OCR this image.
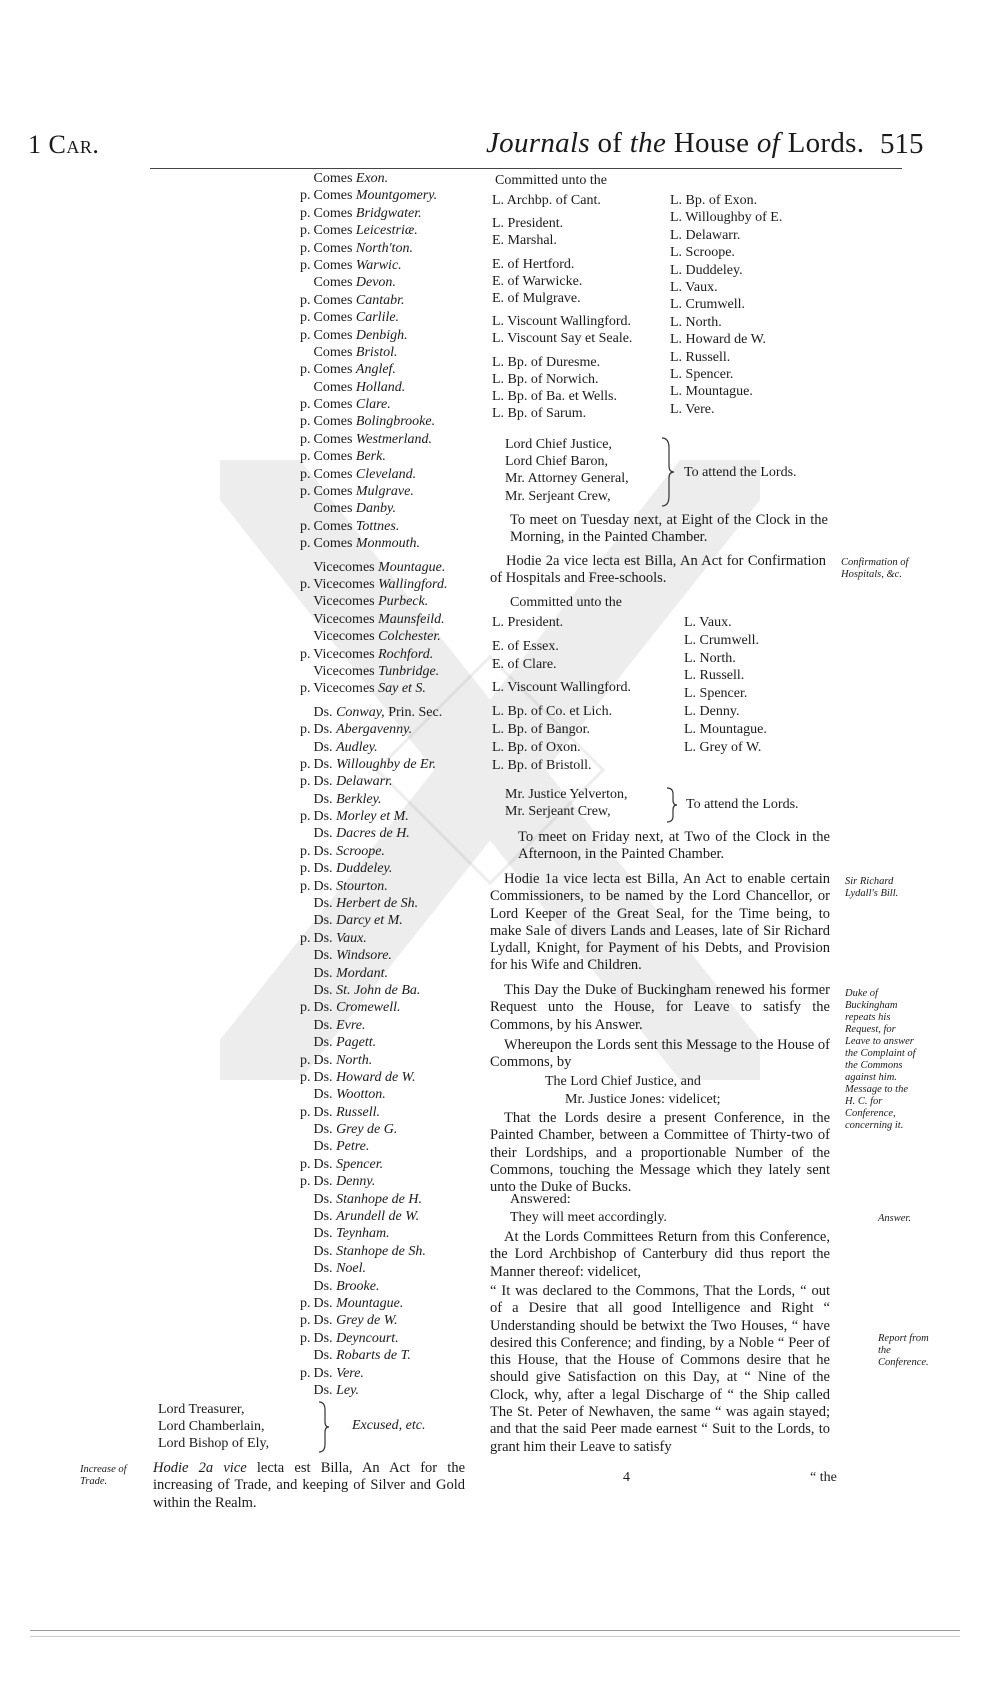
1 Car.	Journals of the House of Lords. 515
Comes Exon.
p. Comes Mountgomery.
p. Comes Bridgwater.
p. Comes Leicestriæ.
p. Comes North'ton.
p. Comes Warwic.
Comes Devon.
p. Comes Cantabr.
p. Comes Carlile.
p. Comes Denbigh.
Comes Bristol.
p. Comes Anglef.
Comes Holland.
p. Comes Clare.
p. Comes Bolingbrooke.
p. Comes Westmerland.
p. Comes Berk.
p. Comes Cleveland.
p. Comes Mulgrave.
Comes Danby.
p. Comes Tottnes.
p. Comes Monmouth.
Vicecomes Mountague.
p. Vicecomes Wallingford.
Vicecomes Purbeck.
Vicecomes Maunsfeild.
Vicecomes Colchester.
p. Vicecomes Rochford.
Vicecomes Tunbridge.
p. Vicecomes Say et S.
Ds. Conway, Prin. Sec.
p. Ds. Abergavenny.
Ds. Audley.
p. Ds. Willoughby de Er.
p. Ds. Delawarr.
Ds. Berkley.
p. Ds. Morley et M.
Ds. Dacres de H.
p. Ds. Scroope.
p. Ds. Duddeley.
p. Ds. Stourton.
Ds. Herbert de Sh.
Ds. Darcy et M.
p. Ds. Vaux.
Ds. Windsore.
Ds. Mordant.
Ds. St. John de Ba.
p. Ds. Cromewell.
Ds. Evre.
Ds. Pagett.
p. Ds. North.
p. Ds. Howard de W.
Ds. Wootton.
p. Ds. Russell.
Ds. Grey de G.
Ds. Petre.
p. Ds. Spencer.
p. Ds. Denny.
Ds. Stanhope de H.
Ds. Arundell de W.
Ds. Teynham.
Ds. Stanhope de Sh.
Ds. Noel.
Ds. Brooke.
p. Ds. Mountague.
p. Ds. Grey de W.
p. Ds. Deyncourt.
Ds. Robarts de T.
p. Ds. Vere.
Ds. Ley.
Lord Treasurer,
Lord Chamberlain,
Lord Bishop of Ely,
Excused, etc.
Increase of Trade.
Hodie 2a vice lecta est Billa, An Act for the increasing of Trade, and keeping of Silver and Gold within the Realm.
Committed unto the
L. Archbp. of Cant.
L. President.
E. Marshal.
E. of Hertford.
E. of Warwicke.
E. of Mulgrave.
L. Viscount Wallingford.
L. Viscount Say et Seale.
L. Bp. of Duresme.
L. Bp. of Norwich.
L. Bp. of Ba. et Wells.
L. Bp. of Sarum.
L. Bp. of Exon.
L. Willoughby of E.
L. Delawarr.
L. Scroope.
L. Duddeley.
L. Vaux.
L. Crumwell.
L. North.
L. Howard de W.
L. Russell.
L. Spencer.
L. Mountague.
L. Vere.
Lord Chief Justice,
Lord Chief Baron,
Mr. Attorney General,
Mr. Serjeant Crew,
To attend the Lords.
To meet on Tuesday next, at Eight of the Clock in the Morning, in the Painted Chamber.
Confirmation of Hospitals, &c.
Hodie 2a vice lecta est Billa, An Act for Confirmation of Hospitals and Free-schools.
Committed unto the
L. President.
E. of Essex.
E. of Clare.
L. Viscount Wallingford.
L. Bp. of Co. et Lich.
L. Bp. of Bangor.
L. Bp. of Oxon.
L. Bp. of Bristoll.
L. Vaux.
L. Crumwell.
L. North.
L. Russell.
L. Spencer.
L. Denny.
L. Mountague.
L. Grey of W.
Mr. Justice Yelverton,
Mr. Serjeant Crew,	To attend the Lords.
To meet on Friday next, at Two of the Clock in the Afternoon, in the Painted Chamber.
Sir Richard Lydall's Bill.
Hodie 1a vice lecta est Billa, An Act to enable certain Commissioners, to be named by the Lord Chancellor, or Lord Keeper of the Great Seal, for the Time being, to make Sale of divers Lands and Leases, late of Sir Richard Lydall, Knight, for Payment of his Debts, and Provision for his Wife and Children.
Duke of Buckingham repeats his Request, for Leave to answer the Complaint of the Commons against him. Message to the H. C. for Conference, concerning it.
This Day the Duke of Buckingham renewed his former Request unto the House, for Leave to satisfy the Commons, by his Answer.
Whereupon the Lords sent this Message to the House of Commons, by
The Lord Chief Justice, and
Mr. Justice Jones: videlicet;
That the Lords desire a present Conference, in the Painted Chamber, between a Committee of Thirty-two of their Lordships, and a proportionable Number of the Commons, touching the Message which they lately sent unto the Duke of Bucks.
Answer.
Answered:
They will meet accordingly.
Report from the Conference.
At the Lords Committees Return from this Conference, the Lord Archbishop of Canterbury did thus report the Manner thereof: videlicet,
“ It was declared to the Commons, That the Lords, “ out of a Desire that all good Intelligence and Right “ Understanding should be betwixt the Two Houses, “ have desired this Conference; and finding, by a Noble “ Peer of this House, that the House of Commons desire that he should give Satisfaction on this Day, at “ Nine of the Clock, why, after a legal Discharge of “ the Ship called The St. Peter of Newhaven, the same “ was again stayed; and that the said Peer made earnest “ Suit to the Lords, to grant him their Leave to satisfy
4	“ the
